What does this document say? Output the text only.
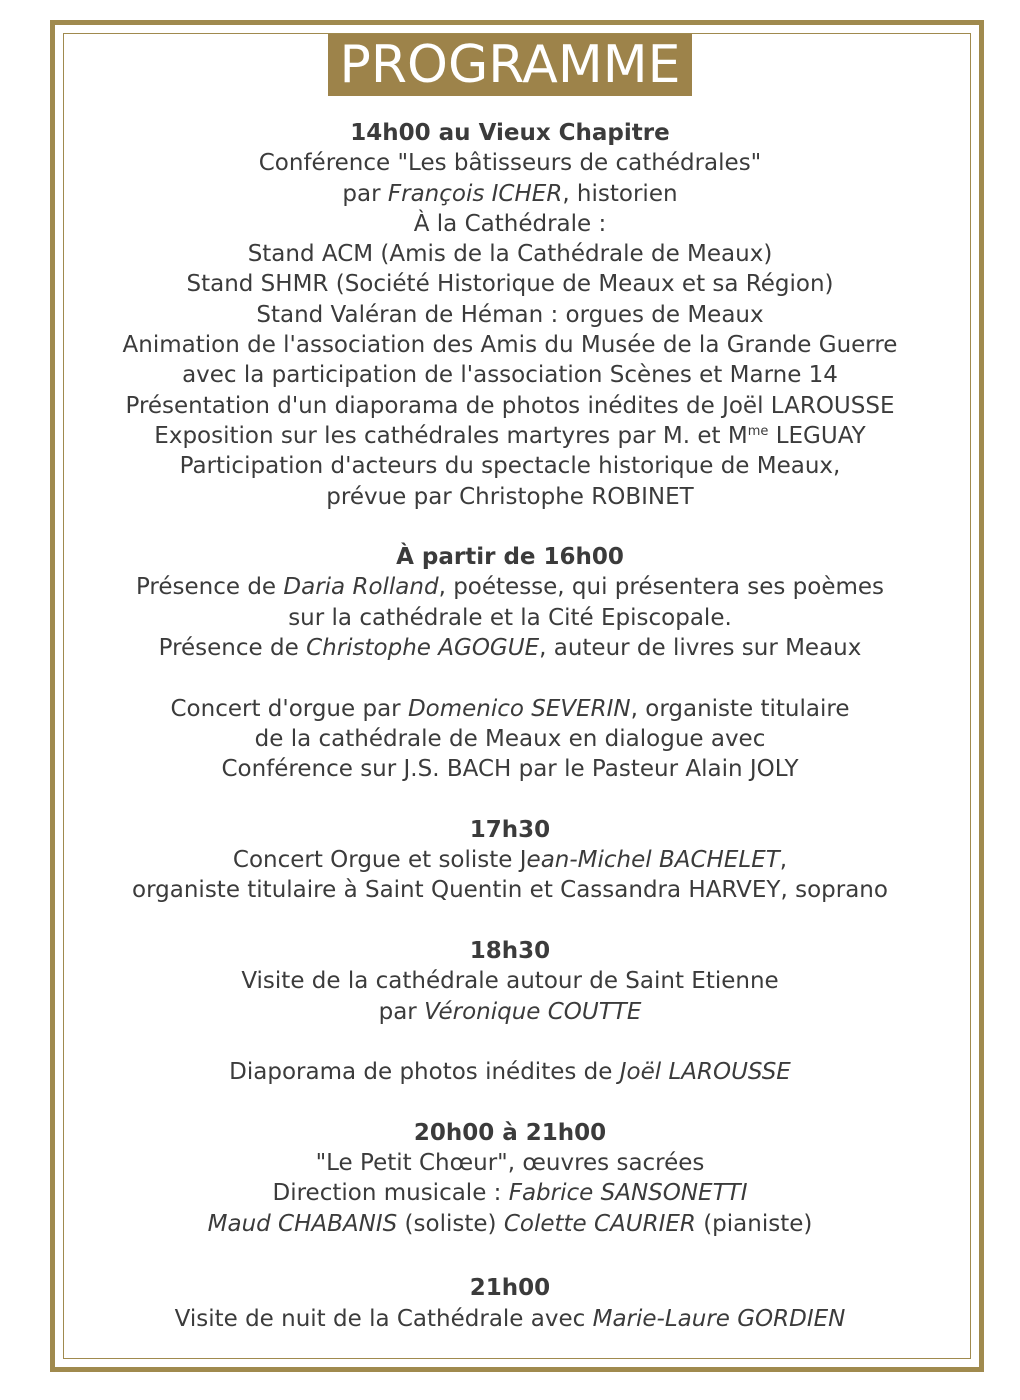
PROGRAMME
14h00 au Vieux Chapitre
Conférence "Les bâtisseurs de cathédrales"
par François ICHER, historien
À la Cathédrale :
Stand ACM (Amis de la Cathédrale de Meaux)
Stand SHMR (Société Historique de Meaux et sa Région)
Stand Valéran de Héman : orgues de Meaux
Animation de l'association des Amis du Musée de la Grande Guerre
avec la participation de l'association Scènes et Marne 14
Présentation d'un diaporama de photos inédites de Joël LAROUSSE
Exposition sur les cathédrales martyres par M. et $M^{me}$ LEGUAY
Participation d'acteurs du spectacle historique de Meaux,
prévue par Christophe ROBINET
À partir de 16h00
Présence de Daria Rolland, poétesse, qui présentera ses poèmes
sur la cathédrale et la Cité Episcopale.
Présence de Christophe AGOGUE, auteur de livres sur Meaux
Concert d'orgue par Domenico SEVERIN, organiste titulaire
de la cathédrale de Meaux en dialogue avec
Conférence sur J.S. BACH par le Pasteur Alain JOLY
17h30
Concert Orgue et soliste Jean-Michel BACHELET,
organiste titulaire à Saint Quentin et Cassandra HARVEY, soprano
18h30
Visite de la cathédrale autour de Saint Etienne
par Véronique COUTTE
Diaporama de photos inédites de Joël LAROUSSE
20h00 à 21h00
"Le Petit Chœur", œuvres sacrées
Direction musicale : Fabrice SANSONETTI
Maud CHABANIS (soliste) Colette CAURIER (pianiste)
21h00
Visite de nuit de la Cathédrale avec Marie-Laure GORDIEN
